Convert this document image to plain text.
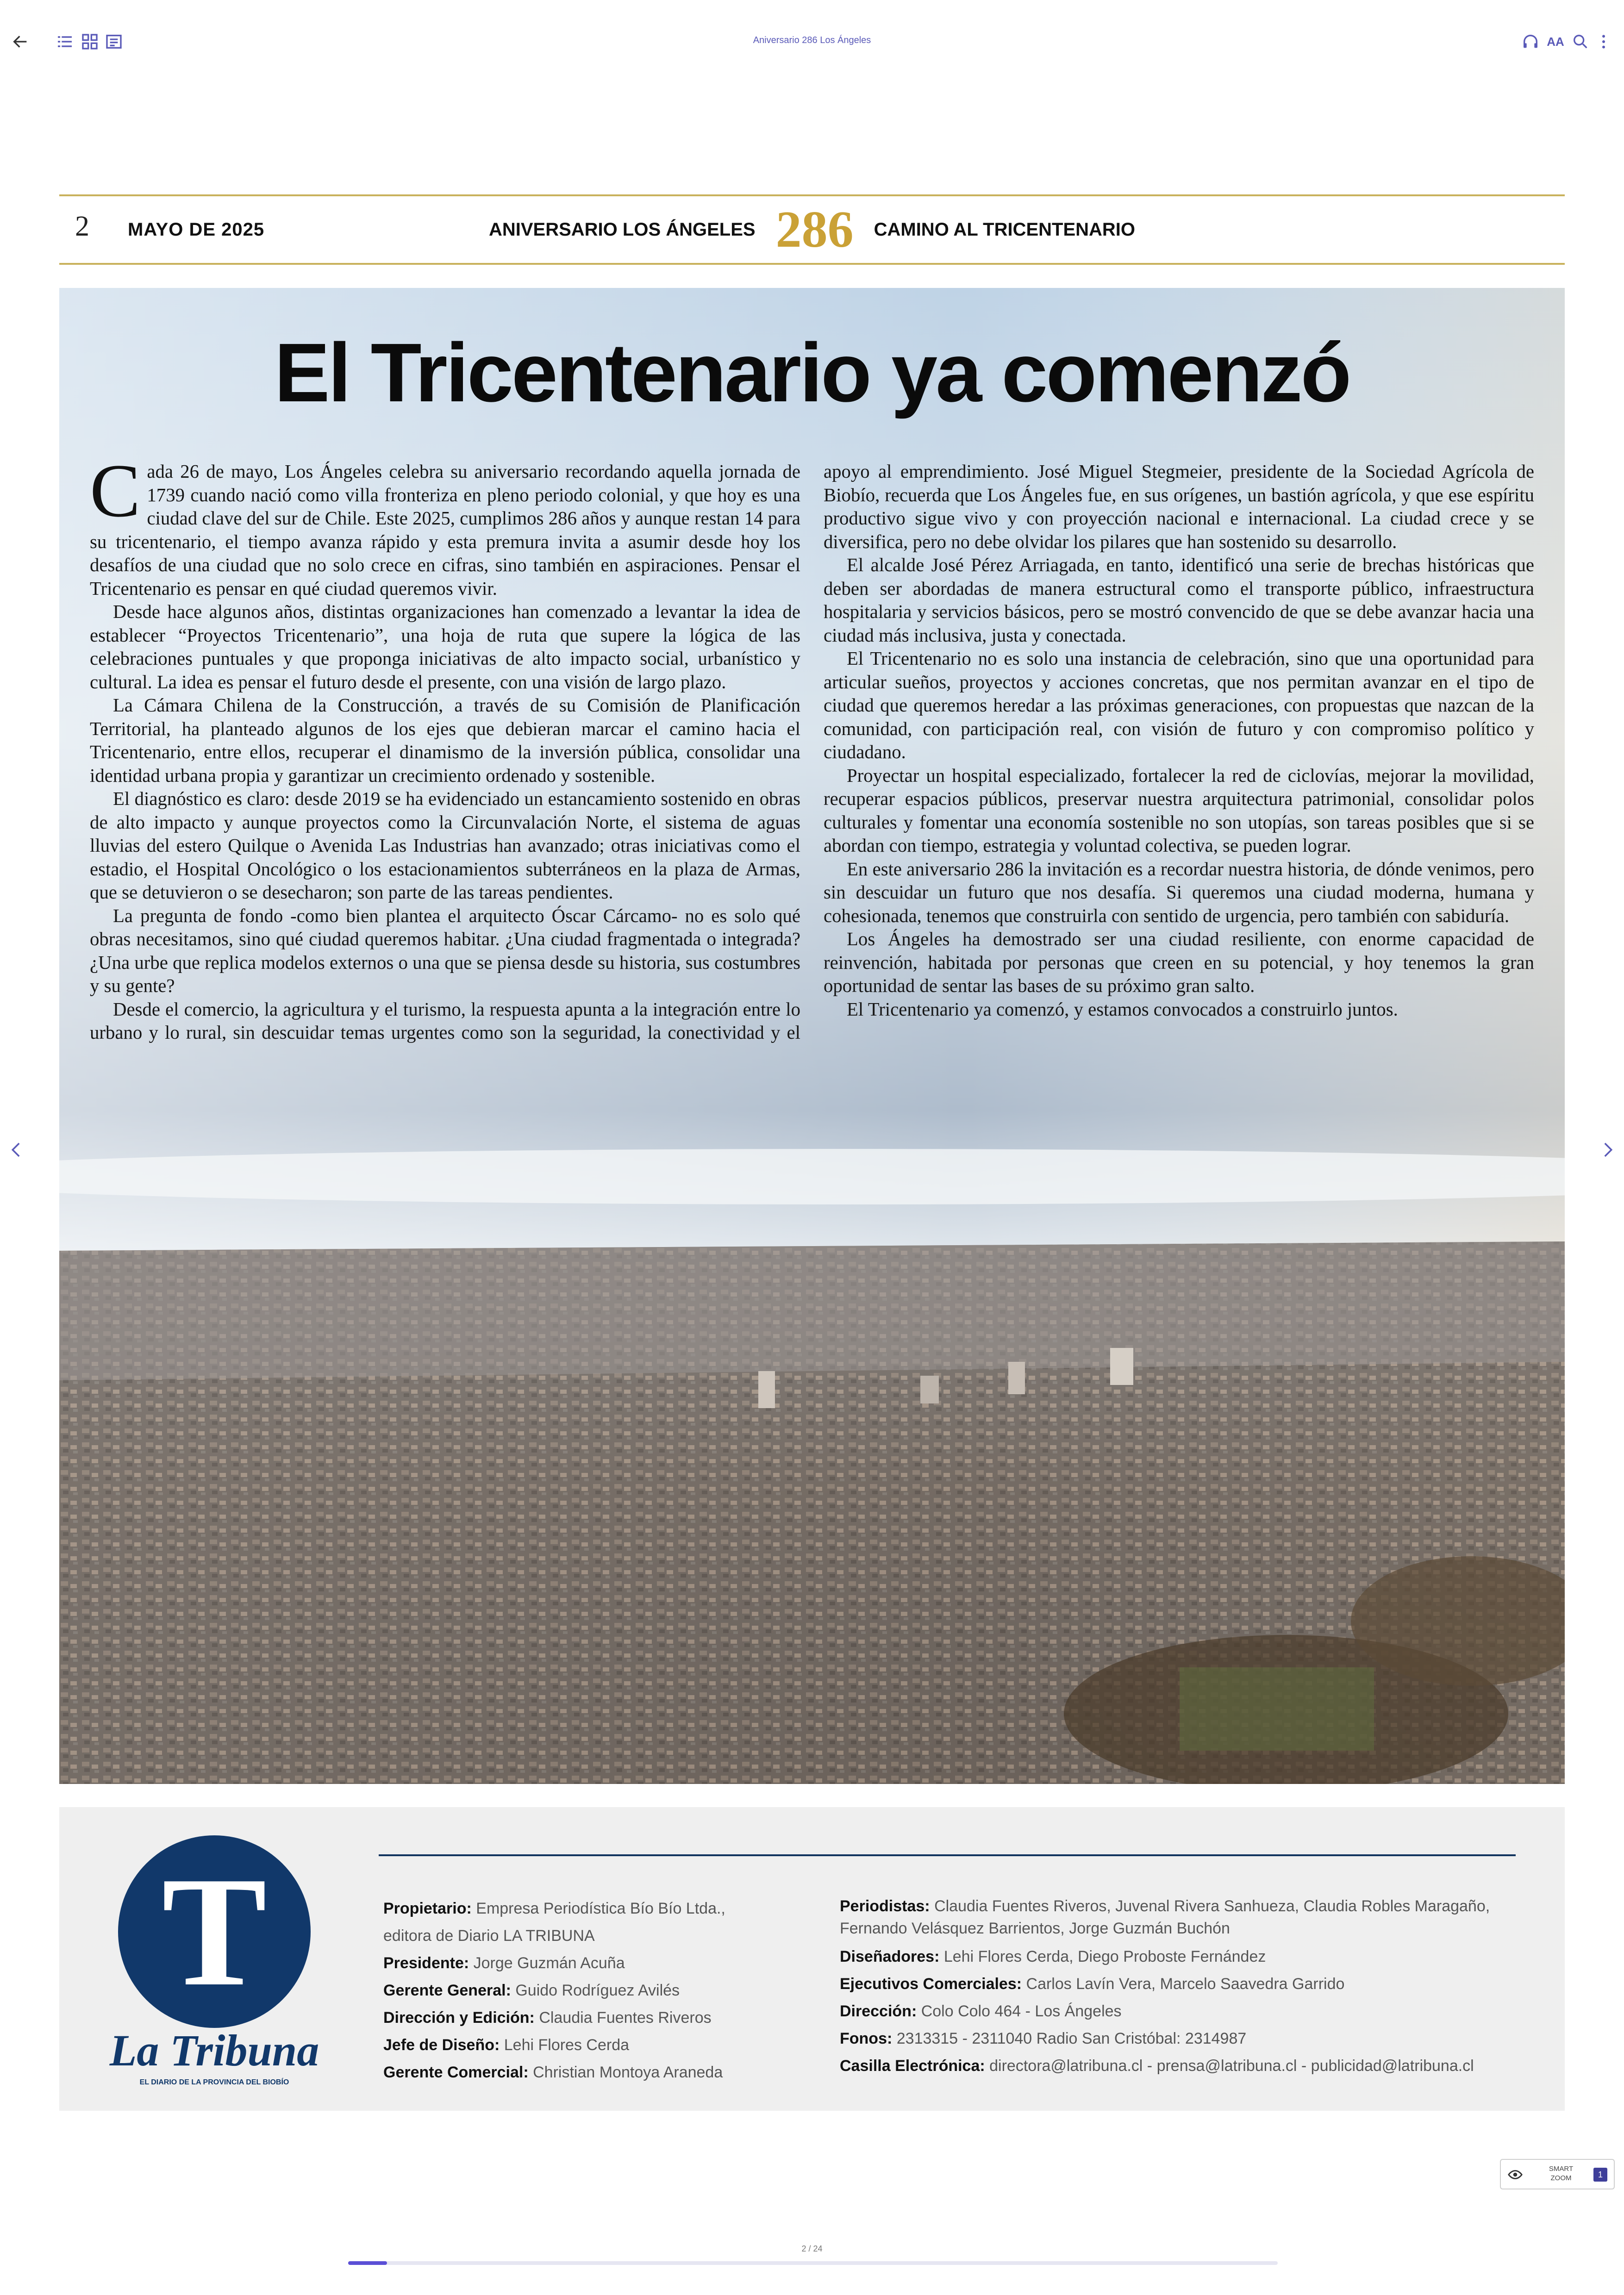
Aniversario 286 Los Ángeles	AA
2 MAYO DE 2025	ANIVERSARIO LOS ÁNGELES 286 CAMINO AL TRICENTENARIO
El Tricentenario ya comenzó

Cada 26 de mayo, Los Ángeles celebra su aniversario recordando aquella jornada de 1739 cuando nació como villa fronteriza en pleno periodo colonial, y que hoy es una ciudad clave del sur de Chile. Este 2025, cumplimos 286 años y aunque restan 14 para su tricentenario, el tiempo avanza rápido y esta premura invita a asumir desde hoy los desafíos de una ciudad que no solo crece en cifras, sino también en aspiraciones. Pensar el Tricentenario es pensar en qué ciudad queremos vivir.

Desde hace algunos años, distintas organizaciones han comenzado a levantar la idea de establecer “Proyectos Tricentenario”, una hoja de ruta que supere la lógica de las celebraciones puntuales y que proponga iniciativas de alto impacto social, urbanístico y cultural. La idea es pensar el futuro desde el presente, con una visión de largo plazo.

La Cámara Chilena de la Construcción, a través de su Comisión de Planificación Territorial, ha planteado algunos de los ejes que debieran marcar el camino hacia el Tricentenario, entre ellos, recuperar el dinamismo de la inversión pública, consolidar una identidad urbana propia y garantizar un crecimiento ordenado y sostenible.

El diagnóstico es claro: desde 2019 se ha evidenciado un estancamiento sostenido en obras de alto impacto y aunque proyectos como la Circunvalación Norte, el sistema de aguas lluvias del estero Quilque o Avenida Las Industrias han avanzado; otras iniciativas como el estadio, el Hospital Oncológico o los estacionamientos subterráneos en la plaza de Armas, que se detuvieron o se desecharon; son parte de las tareas pendientes.

La pregunta de fondo -como bien plantea el arquitecto Óscar Cárcamo- no es solo qué obras necesitamos, sino qué ciudad queremos habitar. ¿Una ciudad fragmentada o integrada? ¿Una urbe que replica modelos externos o una que se piensa desde su historia, sus costumbres y su gente?

Desde el comercio, la agricultura y el turismo, la respuesta apunta a la integración entre lo urbano y lo rural, sin descuidar temas urgentes como son la seguridad, la conectividad y el apoyo al emprendimiento. José Miguel Stegmeier, presidente de la Sociedad Agrícola de Biobío, recuerda que Los Ángeles fue, en sus orígenes, un bastión agrícola, y que ese espíritu productivo sigue vivo y con proyección nacional e internacional. La ciudad crece y se diversifica, pero no debe olvidar los pilares que han sostenido su desarrollo.

El alcalde José Pérez Arriagada, en tanto, identificó una serie de brechas históricas que deben ser abordadas de manera estructural como el transporte público, infraestructura hospitalaria y servicios básicos, pero se mostró convencido de que se debe avanzar hacia una ciudad más inclusiva, justa y conectada.

El Tricentenario no es solo una instancia de celebración, sino que una oportunidad para articular sueños, proyectos y acciones concretas, que nos permitan avanzar en el tipo de ciudad que queremos heredar a las próximas generaciones, con propuestas que nazcan de la comunidad, con participación real, con visión de futuro y con compromiso político y ciudadano.

Proyectar un hospital especializado, fortalecer la red de ciclovías, mejorar la movilidad, recuperar espacios públicos, preservar nuestra arquitectura patrimonial, consolidar polos culturales y fomentar una economía sostenible no son utopías, son tareas posibles que si se abordan con tiempo, estrategia y voluntad colectiva, se pueden lograr.

En este aniversario 286 la invitación es a recordar nuestra historia, de dónde venimos, pero sin descuidar un futuro que nos desafía. Si queremos una ciudad moderna, humana y cohesionada, tenemos que construirla con sentido de urgencia, pero también con sabiduría.

Los Ángeles ha demostrado ser una ciudad resiliente, con enorme capacidad de reinvención, habitada por personas que creen en su potencial, y hoy tenemos la gran oportunidad de sentar las bases de su próximo gran salto.

El Tricentenario ya comenzó, y estamos convocados a construirlo juntos.

T
La Tribuna
EL DIARIO DE LA PROVINCIA DEL BIOBÍO
Propietario: Empresa Periodística Bío Bío Ltda.,
editora de Diario LA TRIBUNA
Presidente: Jorge Guzmán Acuña
Gerente General: Guido Rodríguez Avilés
Dirección y Edición: Claudia Fuentes Riveros
Jefe de Diseño: Lehi Flores Cerda
Gerente Comercial: Christian Montoya Araneda
Periodistas: Claudia Fuentes Riveros, Juvenal Rivera Sanhueza, Claudia Robles Maragaño, Fernando Velásquez Barrientos, Jorge Guzmán Buchón
Diseñadores: Lehi Flores Cerda, Diego Proboste Fernández
Ejecutivos Comerciales: Carlos Lavín Vera, Marcelo Saavedra Garrido
Dirección: Colo Colo 464 - Los Ángeles
Fonos: 2313315 - 2311040 Radio San Cristóbal: 2314987
Casilla Electrónica: directora@latribuna.cl - prensa@latribuna.cl - publicidad@latribuna.cl
SMART
ZOOM	1
2 / 24
